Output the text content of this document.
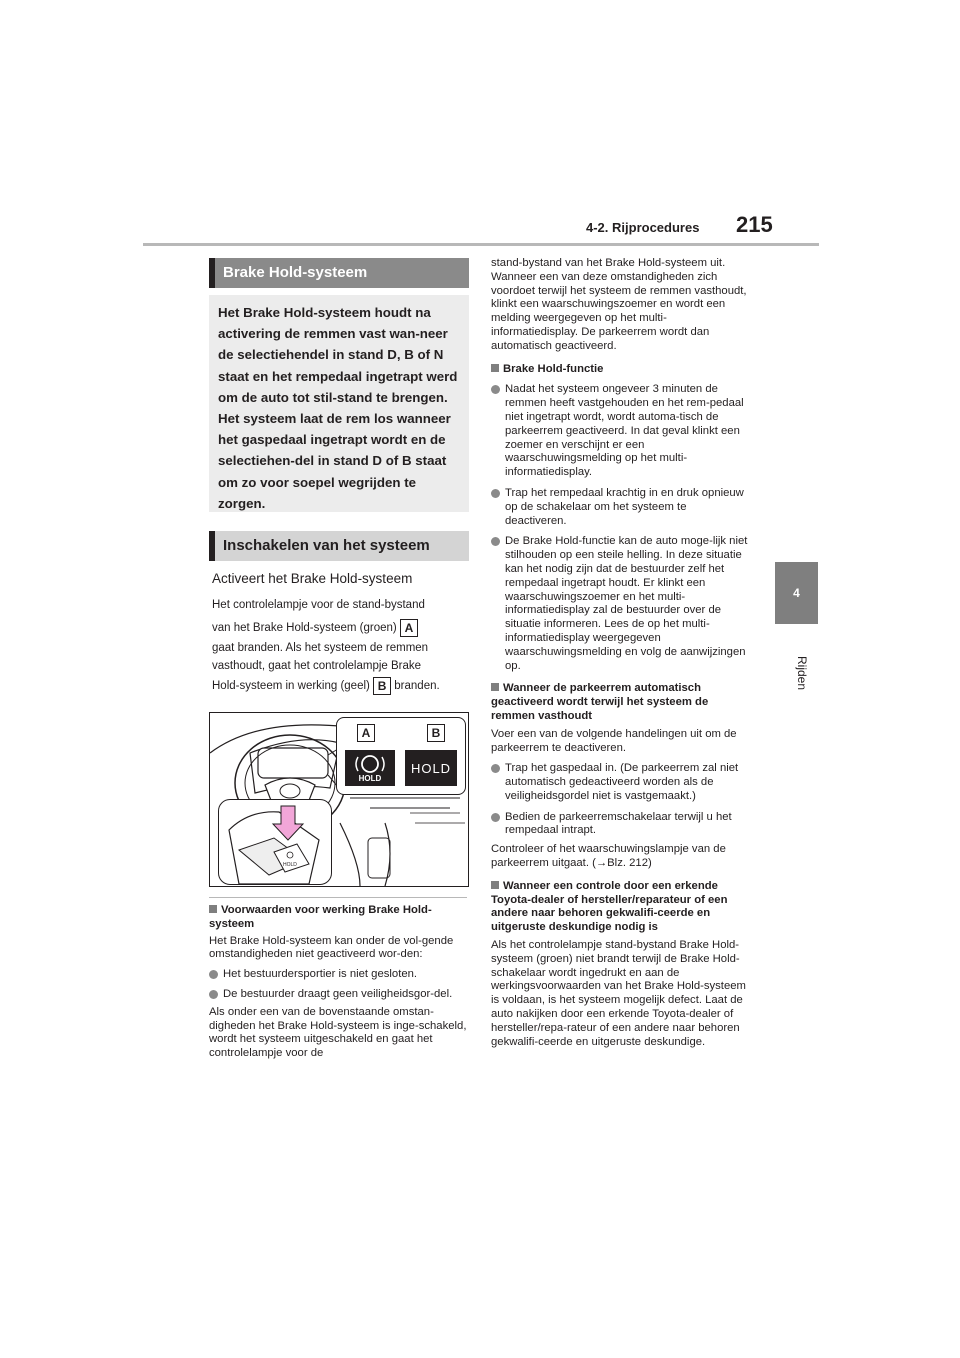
4-2. Rijprocedures 215
4
Rijden
Brake Hold-systeem

Het Brake Hold-systeem houdt na activering de remmen vast wan-neer de selectiehendel in stand D, B of N staat en het rempedaal ingetrapt werd om de auto tot stil-stand te brengen. Het systeem laat de rem los wanneer het gaspedaal ingetrapt wordt en de selectiehen-del in stand D of B staat om zo voor soepel wegrijden te zorgen.

Inschakelen van het systeem
Activeert het Brake Hold-systeem
Het controlelampje voor de stand-bystand
van het Brake Hold-systeem (groen) A
gaat branden. Als het systeem de remmen
vasthoudt, gaat het controlelampje Brake
Hold-systeem in werking (geel) B branden.
A	B
HOLD
HOLD
HOLD
Voorwaarden voor werking Brake Hold-systeem
Het Brake Hold-systeem kan onder de vol-gende omstandigheden niet geactiveerd wor-den:
Het bestuurdersportier is niet gesloten.
De bestuurder draagt geen veiligheidsgor-del.
Als onder een van de bovenstaande omstan-digheden het Brake Hold-systeem is inge-schakeld, wordt het systeem uitgeschakeld en gaat het controlelampje voor de
stand-bystand van het Brake Hold-systeem uit. Wanneer een van deze omstandigheden zich voordoet terwijl het systeem de remmen vasthoudt, klinkt een waarschuwingszoemer en wordt een melding weergegeven op het multi-informatiedisplay. De parkeerrem wordt dan automatisch geactiveerd.
Brake Hold-functie
Nadat het systeem ongeveer 3 minuten de remmen heeft vastgehouden en het rem-pedaal niet ingetrapt wordt, wordt automa-tisch de parkeerrem geactiveerd. In dat geval klinkt een zoemer en verschijnt er een waarschuwingsmelding op het multi-informatiedisplay.
Trap het rempedaal krachtig in en druk opnieuw op de schakelaar om het systeem te deactiveren.
De Brake Hold-functie kan de auto moge-lijk niet stilhouden op een steile helling. In deze situatie kan het nodig zijn dat de bestuurder zelf het rempedaal ingetrapt houdt. Er klinkt een waarschuwingszoemer en het multi-informatiedisplay zal de bestuurder over de situatie informeren. Lees de op het multi-informatiedisplay weergegeven waarschuwingsmelding en volg de aanwijzingen op.
Wanneer de parkeerrem automatisch geactiveerd wordt terwijl het systeem de remmen vasthoudt
Voer een van de volgende handelingen uit om de parkeerrem te deactiveren.
Trap het gaspedaal in. (De parkeerrem zal niet automatisch gedeactiveerd worden als de veiligheidsgordel niet is vastgemaakt.)
Bedien de parkeerremschakelaar terwijl u het rempedaal intrapt.
Controleer of het waarschuwingslampje van de parkeerrem uitgaat. (→Blz. 212)
Wanneer een controle door een erkende Toyota-dealer of hersteller/reparateur of een andere naar behoren gekwalifi-ceerde en uitgeruste deskundige nodig is
Als het controlelampje stand-bystand Brake Hold-systeem (groen) niet brandt terwijl de Brake Hold-schakelaar wordt ingedrukt en aan de werkingsvoorwaarden van het Brake Hold-systeem is voldaan, is het systeem mogelijk defect. Laat de auto nakijken door een erkende Toyota-dealer of hersteller/repa-rateur of een andere naar behoren gekwalifi-ceerde en uitgeruste deskundige.
